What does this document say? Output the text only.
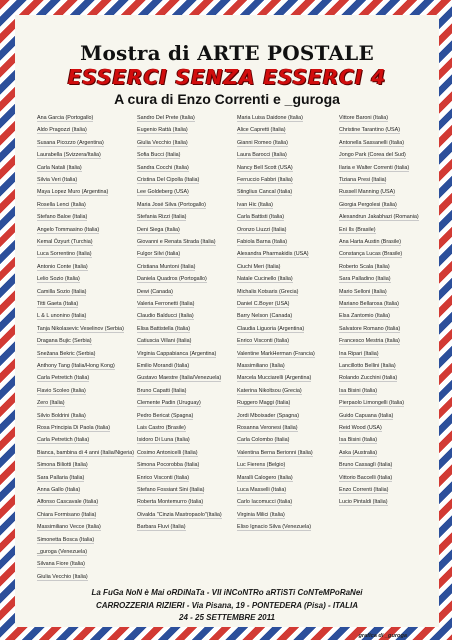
Mostra di ARTE POSTALE
ESSERCI SENZA ESSERCI 4
A cura di Enzo Correnti e _guroga
Ana Garcia (Portogallo)
Aldo Pragozzi (Italia)
Susana Picozzo (Argentina)
Laurabella (Svizzera/Italia)
Carla Natali (Italia)
Silvia Veri (Italia)
Maya Lopez Muro (Argentina)
Rosella Lenci (Italia)
Stefano Baloe (Italia)
Angelo Tommasino (Italia)
Kemal Özyurt (Turchia)
Luca Sorrentino (Italia)
Antonio Conte (Italia)
Lelio Sozio (Italia)
Camilla Sozio (Italia)
Titti Gaeta (Italia)
L & L unonino (Italia)
Tanja Nikolasevic Veselinov (Serbia)
Dragana Bujic (Serbia)
Snežana Bekric (Serbia)
Anthony Tang (Italia/Hong Kong)
Carla Petretich (Italia)
Flavio Scoleo (Italia)
Zero (Italia)
Silvio Boldrini (Italia)
Rosa Principia Di Paola (Italia)
Carla Petretich (Italia)
Bianca, bambina di 4 anni (Italia/Nigeria)
Simona Biliotti (Italia)
Sara Pallaria (Italia)
Anna Gallo (Italia)
Alfonso Cascavale (Italia)
Chiara Formisano (Italia)
Massimiliano Vecce (Italia)
Simonetta Bosca (Italia)
_guroga (Venezuela)
Silvana Fiore (Italia)
Giulia Vecchio (Italia)
Sandro Del Prete (Italia)
Eugenio Rattà (Italia)
Giulia Vecchio (Italia)
Sofia Bucci (Italia)
Sandra Cocchi (Italia)
Cristina Del Cipolla (Italia)
Lee Goldeberg (USA)
Maria José Silva (Portogallo)
Stefania Rizzi (Italia)
Deni Siega (Italia)
Giovanni e Renata Strada (Italia)
Fulgor Silvi (Italia)
Cristiana Muntoni (Italia)
Daniela Quadros (Portogallo)
Dewi (Canada)
Valeria Ferronetti (Italia)
Claudio Balducci (Italia)
Elisa Battistella (Italia)
Catiuscia Villani (Italia)
Virginia Cappabianca (Argentina)
Emilio Morandi (Italia)
Gustavo Maestre (Italia/Venezuela)
Bruno Capatti (Italia)
Clemente Padin (Uruguay)
Pedro Bericat (Spagna)
Lais Castro (Brasile)
Isidoro Di Luna (Italia)
Cosimo Antonicelli (Italia)
Simona Pocorobba (Italia)
Enrico Visconti (Italia)
Stefano Fossiant Sini (Italia)
Roberta Montemurro (Italia)
Oivalda "Cinzia Mastropaolo"(Italia)
Barbara Fluvi (Italia)
Maria Luisa Daidone (Italia)
Alice Capretti (Italia)
Gianni Romeo (Italia)
Laura Barocci (Italia)
Nancy Bell Scott (USA)
Ferruccio Fabbri (Italia)
Stinglius Cancal (Italia)
Ivan Hic (Italia)
Carla Battisti (Italia)
Oronzo Liuzzi (Italia)
Fabiola Barna (Italia)
Alexandra Pharmakidis (USA)
Ciuchi Meri (Italia)
Natale Cucinello (Italia)
Michalis Kotsaris (Grecia)
Daniel C.Boyer (USA)
Barry Nelson (Canada)
Claudia Liguoria (Argentina)
Enrico Visconti (Italia)
Valentine MarkHerman (Francia)
Massimiliano (Italia)
Marcela Mucciarelli (Argentina)
Katerina Nikoltsou (Grecia)
Ruggero Maggi (Italia)
Jordi Mboixader (Spagna)
Rosanna Veronesi (Italia)
Carla Colombo (Italia)
Valentina Berna Berionni (Italia)
Luc Fierens (Belgio)
Maralli Calogero (Italia)
Luca Masselli (Italia)
Carlo Iacomucci (Italia)
Virginia Milici (Italia)
Eliso Ignacio Silva (Venezuela)
Vittore Baroni (Italia)
Christine Tarantino (USA)
Antonella Sassanelli (Italia)
Jongo Park (Corea del Sud)
Ilaria e Walter Correnti (Italia)
Tiziana Presi (Italia)
Russell Manning (USA)
Giorgia Pergolesi (Italia)
Alexandrun Jakabhazi (Romania)
Enì Ils (Brasile)
Ana Harta Austin (Brasile)
Constança Lucas (Brasile)
Roberto Scala (Italia)
Sara Palladino (Italia)
Mario Selloni (Italia)
Mariano Bellarosa (Italia)
Elsa Zantomio (Italia)
Salvatore Romano (Italia)
Francesco Mestria (Italia)
Ina Ripari (Italia)
Lancillotto Bellini (Italia)
Rolando Zucchini (Italia)
Isa Bisini (Italia)
Pierpaolo Limongelli (Italia)
Guido Capuana (Italia)
Reid Wood (USA)
Isa Bisini (Italia)
Aska (Australia)
Bruno Cassaglì (Italia)
Vittorio Baccelli (Italia)
Enzo Correnti (Italia)
Lucio Pintaldi (Italia)
La FuGa NoN è Mai oRDiNaTa - VII iNCoNTRo aRTiSTi CoNTeMPoRaNei
CARROZZERIA RIZIERI - Via Pisana, 19 - PONTEDERA (Pisa) - ITALIA
24 - 25 SETTEMBRE 2011
grafica di _guroga
